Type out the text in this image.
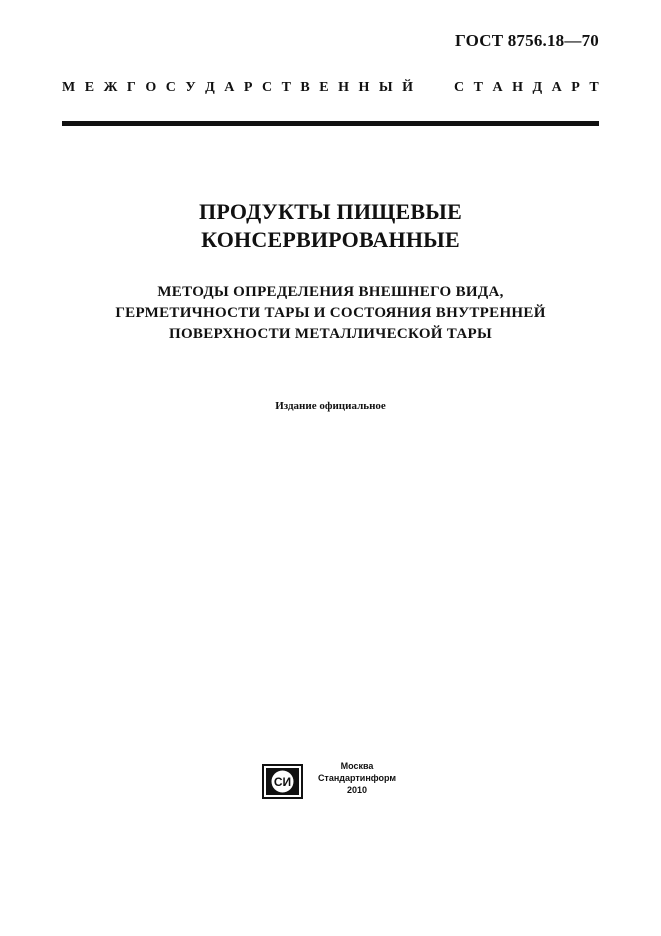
ГОСТ 8756.18—70
М Е Ж Г О С У Д А Р С Т В Е Н Н Ы Й	С Т А Н Д А Р Т
ПРОДУКТЫ ПИЩЕВЫЕ
КОНСЕРВИРОВАННЫЕ
МЕТОДЫ ОПРЕДЕЛЕНИЯ ВНЕШНЕГО ВИДА,
ГЕРМЕТИЧНОСТИ ТАРЫ И СОСТОЯНИЯ ВНУТРЕННЕЙ
ПОВЕРХНОСТИ МЕТАЛЛИЧЕСКОЙ ТАРЫ
Издание официальное
СИ
Москва
Стандартинформ
2010
